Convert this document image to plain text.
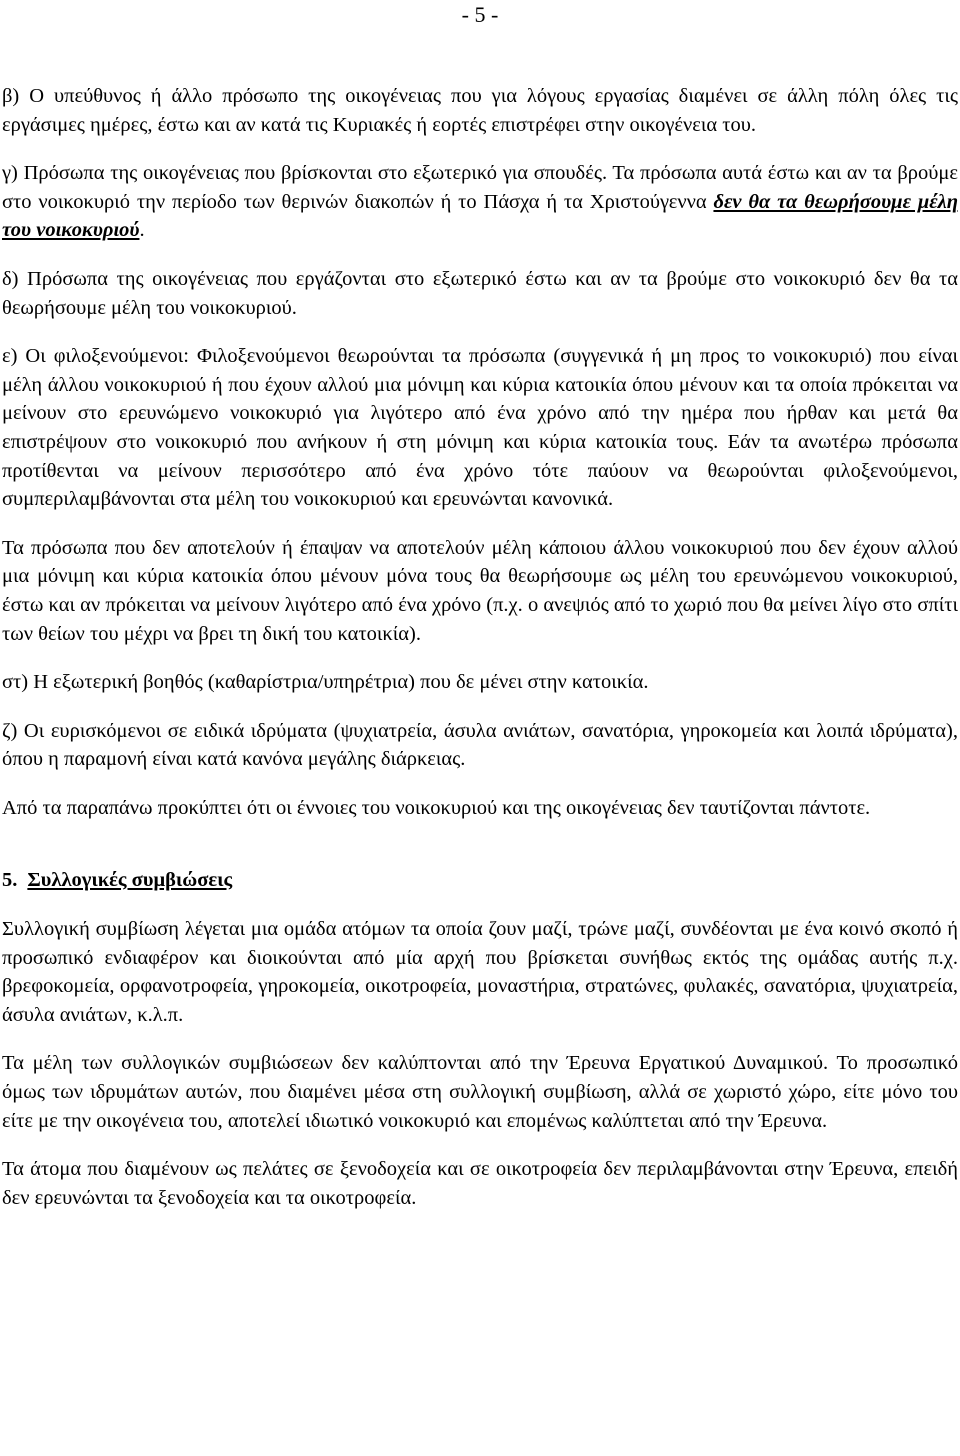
- 5 -

β) Ο υπεύθυνος ή άλλο πρόσωπο της οικογένειας που για λόγους εργασίας διαμένει σε άλλη πόλη όλες τις εργάσιμες ημέρες, έστω και αν κατά τις Κυριακές ή εορτές επιστρέφει στην οικογένεια του.

γ) Πρόσωπα της οικογένειας που βρίσκονται στο εξωτερικό για σπουδές. Τα πρόσωπα αυτά έστω και αν τα βρούμε στο νοικοκυριό την περίοδο των θερινών διακοπών ή το Πάσχα ή τα Χριστούγεννα δεν θα τα θεωρήσουμε μέλη του νοικοκυριού.

δ) Πρόσωπα της οικογένειας που εργάζονται στο εξωτερικό έστω και αν τα βρούμε στο νοικοκυριό δεν θα τα θεωρήσουμε μέλη του νοικοκυριού.

ε) Οι φιλοξενούμενοι: Φιλοξενούμενοι θεωρούνται τα πρόσωπα (συγγενικά ή μη προς το νοικοκυριό) που είναι μέλη άλλου νοικοκυριού ή που έχουν αλλού μια μόνιμη και κύρια κατοικία όπου μένουν και τα οποία πρόκειται να μείνουν στο ερευνώμενο νοικοκυριό για λιγότερο από ένα χρόνο από την ημέρα που ήρθαν και μετά θα επιστρέψουν στο νοικοκυριό που ανήκουν ή στη μόνιμη και κύρια κατοικία τους. Εάν τα ανωτέρω πρόσωπα προτίθενται να μείνουν περισσότερο από ένα χρόνο τότε παύουν να θεωρούνται φιλοξενούμενοι, συμπεριλαμβάνονται στα μέλη του νοικοκυριού και ερευνώνται κανονικά.

Τα πρόσωπα που δεν αποτελούν ή έπαψαν να αποτελούν μέλη κάποιου άλλου νοικοκυριού που δεν έχουν αλλού μια μόνιμη και κύρια κατοικία όπου μένουν μόνα τους θα θεωρήσουμε ως μέλη του ερευνώμενου νοικοκυριού, έστω και αν πρόκειται να μείνουν λιγότερο από ένα χρόνο (π.χ. ο ανεψιός από το χωριό που θα μείνει λίγο στο σπίτι των θείων του μέχρι να βρει τη δική του κατοικία).

στ) Η εξωτερική βοηθός (καθαρίστρια/υπηρέτρια) που δε μένει στην κατοικία.

ζ) Οι ευρισκόμενοι σε ειδικά ιδρύματα (ψυχιατρεία, άσυλα ανιάτων, σανατόρια, γηροκομεία και λοιπά ιδρύματα), όπου η παραμονή είναι κατά κανόνα μεγάλης διάρκειας.

Από τα παραπάνω προκύπτει ότι οι έννοιες του νοικοκυριού και της οικογένειας δεν ταυτίζονται πάντοτε.

5. Συλλογικές συμβιώσεις

Συλλογική συμβίωση λέγεται μια ομάδα ατόμων τα οποία ζουν μαζί, τρώνε μαζί, συνδέονται με ένα κοινό σκοπό ή προσωπικό ενδιαφέρον και διοικούνται από μία αρχή που βρίσκεται συνήθως εκτός της ομάδας αυτής π.χ. βρεφοκομεία, ορφανοτροφεία, γηροκομεία, οικοτροφεία, μοναστήρια, στρατώνες, φυλακές, σανατόρια, ψυχιατρεία, άσυλα ανιάτων, κ.λ.π.

Τα μέλη των συλλογικών συμβιώσεων δεν καλύπτονται από την Έρευνα Εργατικού Δυναμικού. Το προσωπικό όμως των ιδρυμάτων αυτών, που διαμένει μέσα στη συλλογική συμβίωση, αλλά σε χωριστό χώρο, είτε μόνο του είτε με την οικογένεια του, αποτελεί ιδιωτικό νοικοκυριό και επομένως καλύπτεται από την Έρευνα.

Τα άτομα που διαμένουν ως πελάτες σε ξενοδοχεία και σε οικοτροφεία δεν περιλαμβάνονται στην Έρευνα, επειδή δεν ερευνώνται τα ξενοδοχεία και τα οικοτροφεία.
